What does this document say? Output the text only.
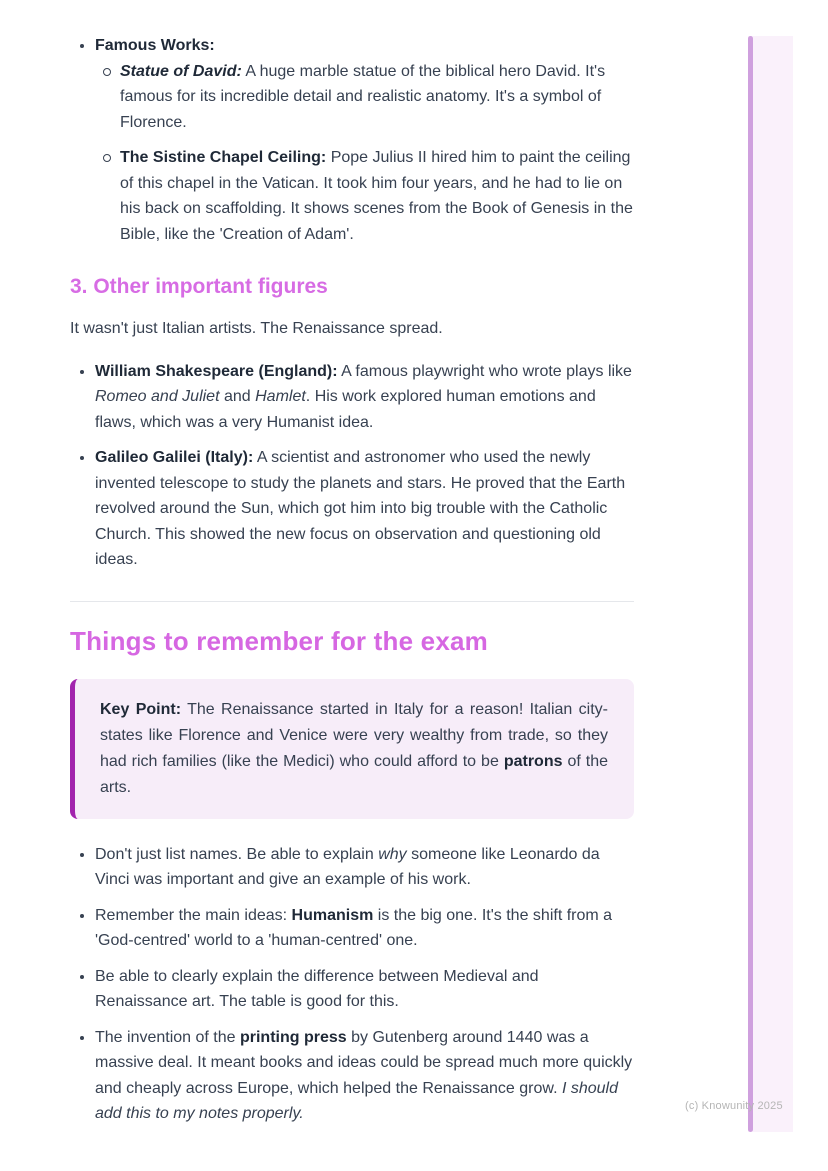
• Famous Works:
Statue of David: A huge marble statue of the biblical hero David. It's famous for its incredible detail and realistic anatomy. It's a symbol of Florence.
The Sistine Chapel Ceiling: Pope Julius II hired him to paint the ceiling of this chapel in the Vatican. It took him four years, and he had to lie on his back on scaffolding. It shows scenes from the Book of Genesis in the Bible, like the 'Creation of Adam'.
3. Other important figures

It wasn't just Italian artists. The Renaissance spread.

• William Shakespeare (England): A famous playwright who wrote plays like Romeo and Juliet and Hamlet. His work explored human emotions and flaws, which was a very Humanist idea.
• Galileo Galilei (Italy): A scientist and astronomer who used the newly invented telescope to study the planets and stars. He proved that the Earth revolved around the Sun, which got him into big trouble with the Catholic Church. This showed the new focus on observation and questioning old ideas.
Things to remember for the exam

Key Point: The Renaissance started in Italy for a reason! Italian city-states like Florence and Venice were very wealthy from trade, so they had rich families (like the Medici) who could afford to be patrons of the arts.

• Don't just list names. Be able to explain why someone like Leonardo da Vinci was important and give an example of his work.
• Remember the main ideas: Humanism is the big one. It's the shift from a 'God-centred' world to a 'human-centred' one.
• Be able to clearly explain the difference between Medieval and Renaissance art. The table is good for this.
• The invention of the printing press by Gutenberg around 1440 was a massive deal. It meant books and ideas could be spread much more quickly and cheaply across Europe, which helped the Renaissance grow. I should add this to my notes properly.	(c) Knowunity 2025
